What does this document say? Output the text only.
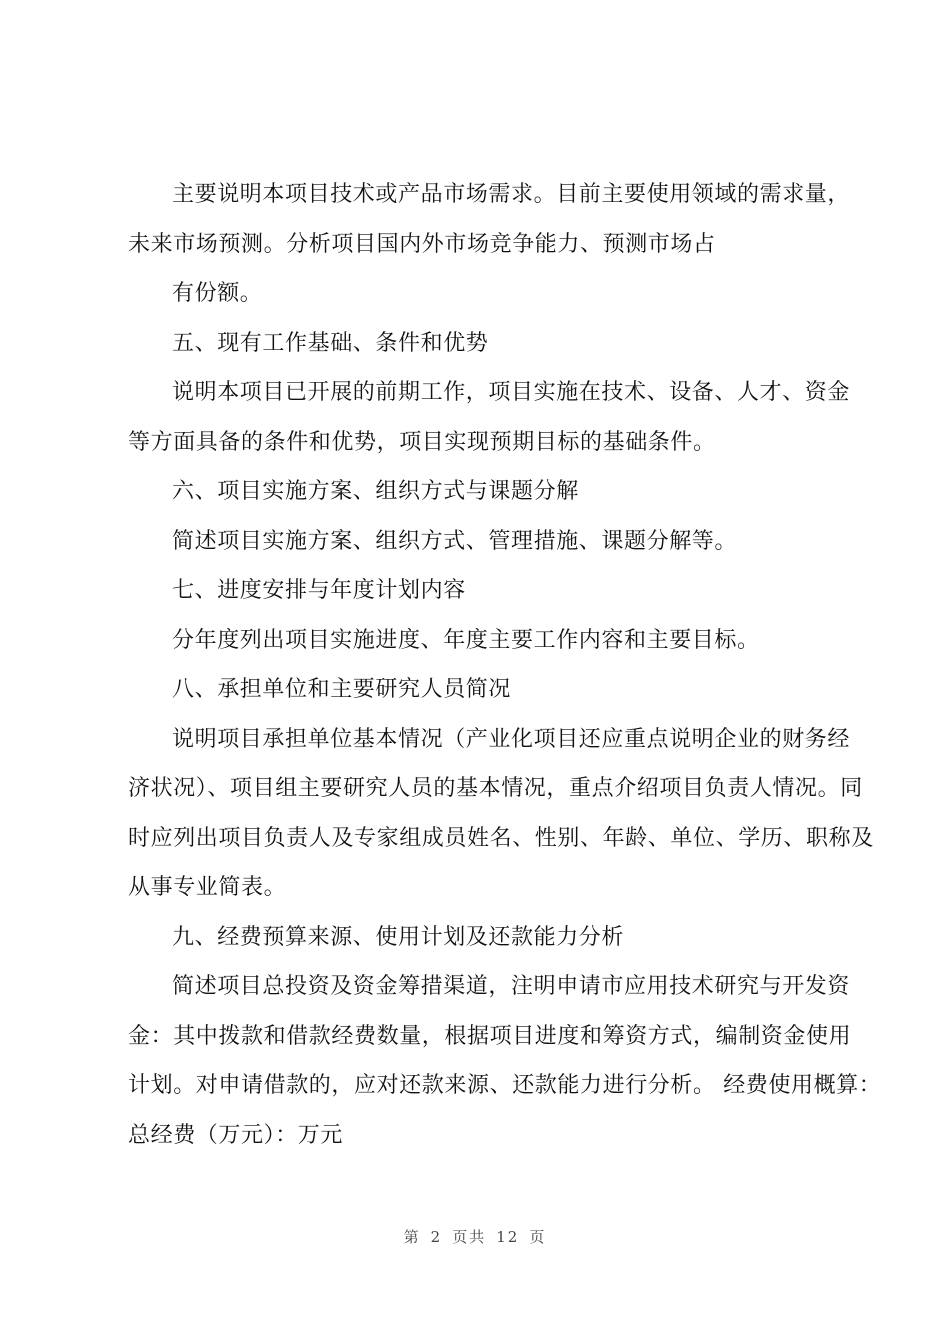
主要说明本项目技术或产品市场需求。目前主要使用领域的需求量，
未来市场预测。分析项目国内外市场竞争能力、预测市场占
有份额。
五、现有工作基础、条件和优势
说明本项目已开展的前期工作，项目实施在技术、设备、人才、资金
等方面具备的条件和优势，项目实现预期目标的基础条件。
六、项目实施方案、组织方式与课题分解
简述项目实施方案、组织方式、管理措施、课题分解等。
七、进度安排与年度计划内容
分年度列出项目实施进度、年度主要工作内容和主要目标。
八、承担单位和主要研究人员简况
说明项目承担单位基本情况（产业化项目还应重点说明企业的财务经
济状况）、项目组主要研究人员的基本情况，重点介绍项目负责人情况。同
时应列出项目负责人及专家组成员姓名、性别、年龄、单位、学历、职称及
从事专业简表。
九、经费预算来源、使用计划及还款能力分析
简述项目总投资及资金筹措渠道，注明申请市应用技术研究与开发资
金：其中拨款和借款经费数量，根据项目进度和筹资方式，编制资金使用
计划。对申请借款的，应对还款来源、还款能力进行分析。 经费使用概算：
总经费（万元）：万元
第 2 页共 12 页
